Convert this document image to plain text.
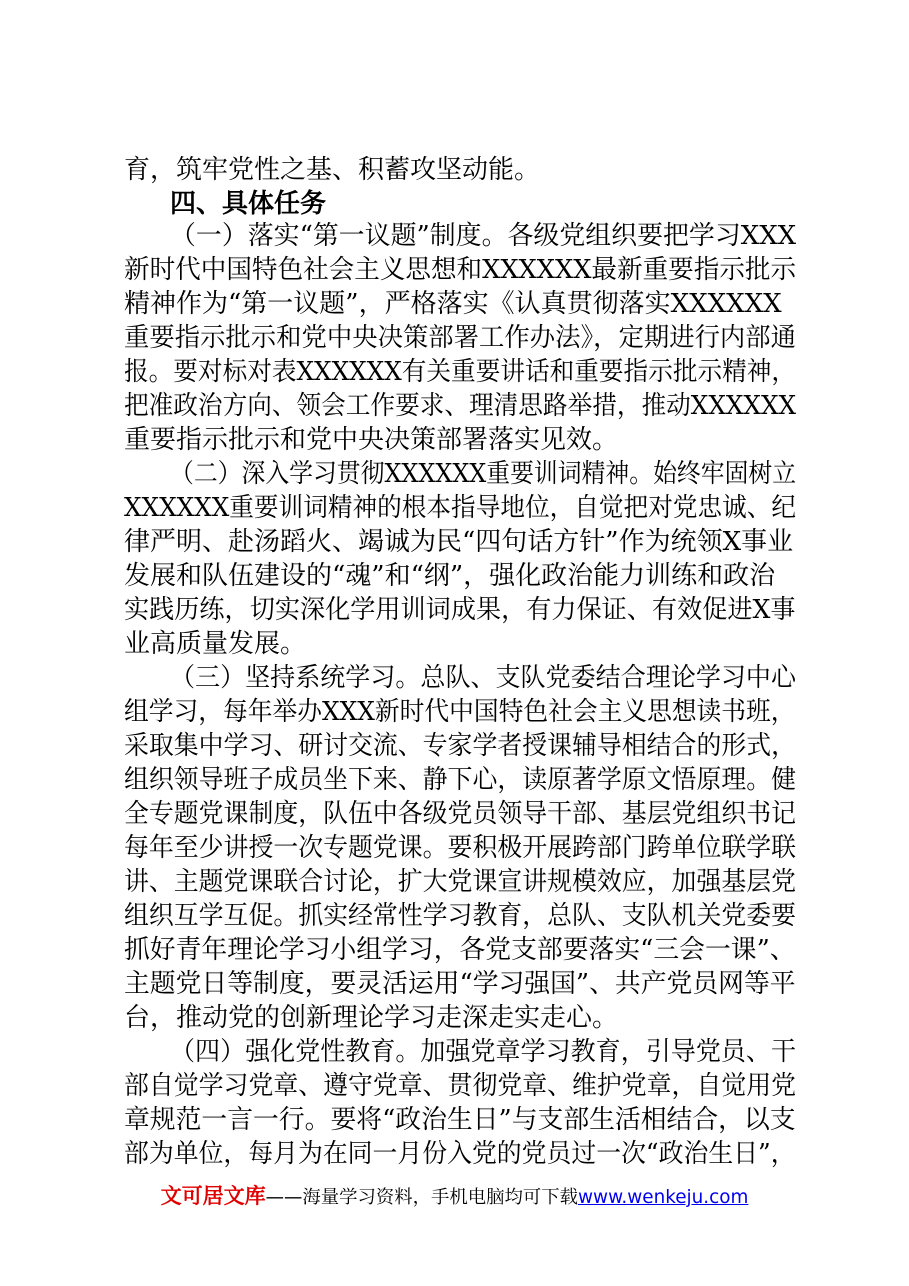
育，筑牢党性之基、积蓄攻坚动能。
四、具体任务
（一）落实“第一议题”制度。各级党组织要把学习XXX
新时代中国特色社会主义思想和XXXXXX最新重要指示批示
精神作为“第一议题”，严格落实《认真贯彻落实XXXXXX
重要指示批示和党中央决策部署工作办法》，定期进行内部通
报。要对标对表XXXXXX有关重要讲话和重要指示批示精神，
把准政治方向、领会工作要求、理清思路举措，推动XXXXXX
重要指示批示和党中央决策部署落实见效。
（二）深入学习贯彻XXXXXX重要训词精神。始终牢固树立
XXXXXX重要训词精神的根本指导地位，自觉把对党忠诚、纪
律严明、赴汤蹈火、竭诚为民“四句话方针”作为统领X事业
发展和队伍建设的“魂”和“纲”，强化政治能力训练和政治
实践历练，切实深化学用训词成果，有力保证、有效促进X事
业高质量发展。
（三）坚持系统学习。总队、支队党委结合理论学习中心
组学习，每年举办XXX新时代中国特色社会主义思想读书班，
采取集中学习、研讨交流、专家学者授课辅导相结合的形式，
组织领导班子成员坐下来、静下心，读原著学原文悟原理。健
全专题党课制度，队伍中各级党员领导干部、基层党组织书记
每年至少讲授一次专题党课。要积极开展跨部门跨单位联学联
讲、主题党课联合讨论，扩大党课宣讲规模效应，加强基层党
组织互学互促。抓实经常性学习教育，总队、支队机关党委要
抓好青年理论学习小组学习，各党支部要落实“三会一课”、
主题党日等制度，要灵活运用“学习强国”、共产党员网等平
台，推动党的创新理论学习走深走实走心。
（四）强化党性教育。加强党章学习教育，引导党员、干
部自觉学习党章、遵守党章、贯彻党章、维护党章，自觉用党
章规范一言一行。要将“政治生日”与支部生活相结合，以支
部为单位，每月为在同一月份入党的党员过一次“政治生日”，
文可居文库——海量学习资料，手机电脑均可下载www.wenkeju.com
